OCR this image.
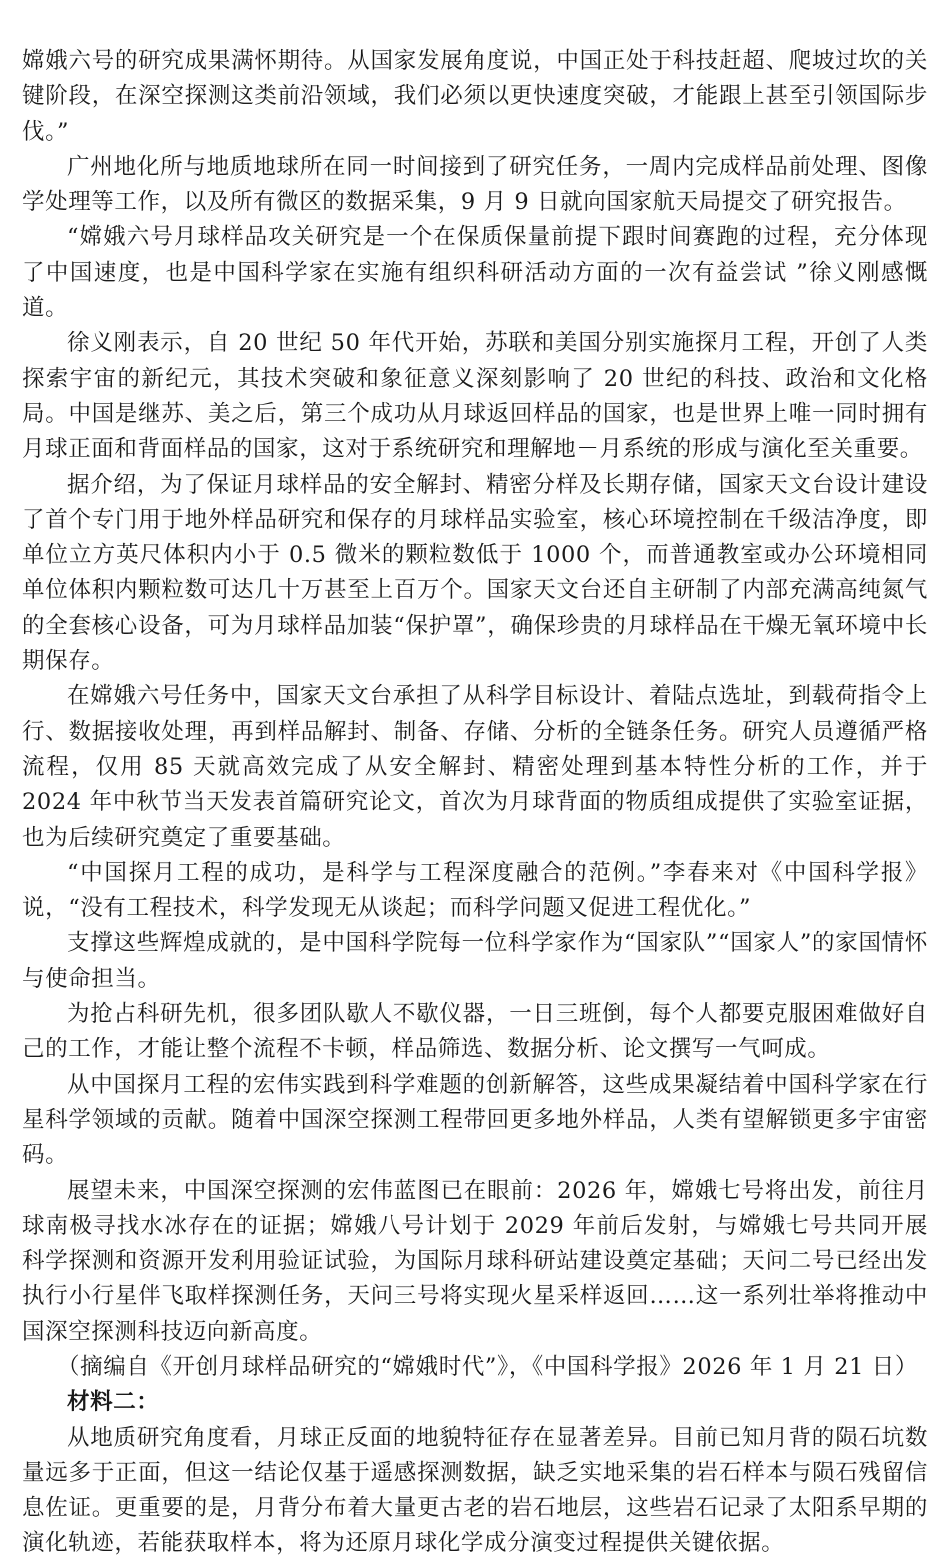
嫦娥六号的研究成果满怀期待。从国家发展角度说，中国正处于科技赶超、爬坡过坎的关键阶段，在深空探测这类前沿领域，我们必须以更快速度突破，才能跟上甚至引领国际步伐。”

广州地化所与地质地球所在同一时间接到了研究任务，一周内完成样品前处理、图像学处理等工作，以及所有微区的数据采集，9 月 9 日就向国家航天局提交了研究报告。

“嫦娥六号月球样品攻关研究是一个在保质保量前提下跟时间赛跑的过程，充分体现了中国速度，也是中国科学家在实施有组织科研活动方面的一次有益尝试 ”徐义刚感慨道。

徐义刚表示，自 20 世纪 50 年代开始，苏联和美国分别实施探月工程，开创了人类探索宇宙的新纪元，其技术突破和象征意义深刻影响了 20 世纪的科技、政治和文化格局。中国是继苏、美之后，第三个成功从月球返回样品的国家，也是世界上唯一同时拥有月球正面和背面样品的国家，这对于系统研究和理解地－月系统的形成与演化至关重要。

据介绍，为了保证月球样品的安全解封、精密分样及长期存储，国家天文台设计建设了首个专门用于地外样品研究和保存的月球样品实验室，核心环境控制在千级洁净度，即单位立方英尺体积内小于 0.5 微米的颗粒数低于 1000 个，而普通教室或办公环境相同单位体积内颗粒数可达几十万甚至上百万个。国家天文台还自主研制了内部充满高纯氮气的全套核心设备，可为月球样品加装“保护罩”，确保珍贵的月球样品在干燥无氧环境中长期保存。

在嫦娥六号任务中，国家天文台承担了从科学目标设计、着陆点选址，到载荷指令上行、数据接收处理，再到样品解封、制备、存储、分析的全链条任务。研究人员遵循严格流程，仅用 85 天就高效完成了从安全解封、精密处理到基本特性分析的工作，并于 2024 年中秋节当天发表首篇研究论文，首次为月球背面的物质组成提供了实验室证据，也为后续研究奠定了重要基础。

“中国探月工程的成功，是科学与工程深度融合的范例。”李春来对《中国科学报》说，“没有工程技术，科学发现无从谈起；而科学问题又促进工程优化。”

支撑这些辉煌成就的，是中国科学院每一位科学家作为“国家队”“国家人”的家国情怀与使命担当。

为抢占科研先机，很多团队歇人不歇仪器，一日三班倒，每个人都要克服困难做好自己的工作，才能让整个流程不卡顿，样品筛选、数据分析、论文撰写一气呵成。

从中国探月工程的宏伟实践到科学难题的创新解答，这些成果凝结着中国科学家在行星科学领域的贡献。随着中国深空探测工程带回更多地外样品，人类有望解锁更多宇宙密码。

展望未来，中国深空探测的宏伟蓝图已在眼前：2026 年，嫦娥七号将出发，前往月球南极寻找水冰存在的证据；嫦娥八号计划于 2029 年前后发射，与嫦娥七号共同开展科学探测和资源开发利用验证试验，为国际月球科研站建设奠定基础；天问二号已经出发执行小行星伴飞取样探测任务，天问三号将实现火星采样返回……这一系列壮举将推动中国深空探测科技迈向新高度。

（摘编自《开创月球样品研究的“嫦娥时代”》，《中国科学报》2026 年 1 月 21 日）

材料二：

从地质研究角度看，月球正反面的地貌特征存在显著差异。目前已知月背的陨石坑数量远多于正面，但这一结论仅基于遥感探测数据，缺乏实地采集的岩石样本与陨石残留信息佐证。更重要的是，月背分布着大量更古老的岩石地层，这些岩石记录了太阳系早期的演化轨迹，若能获取样本，将为还原月球化学成分演变过程提供关键依据。
